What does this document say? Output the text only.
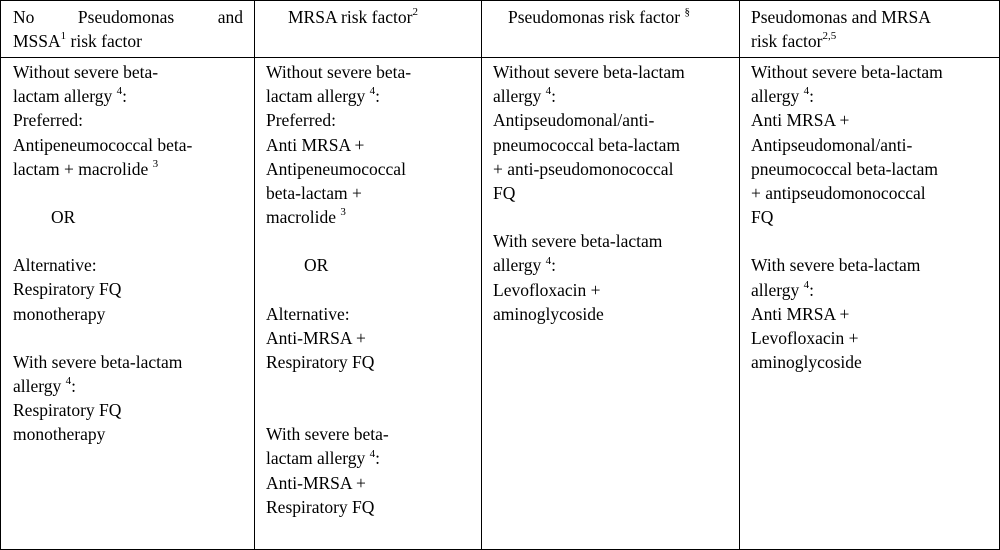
No Pseudomonas and
MSSA$^1$ risk factor
MRSA risk factor$^2$	Pseudomonas risk factor §	Pseudomonas and MRSA
risk factor$^{2,5}$
Without severe beta-
lactam allergy $^4$:
Preferred:
Antipeneumococcal beta-
lactam + macrolide $^3$
OR
Alternative:
Respiratory FQ
monotherapy
With severe beta-lactam
allergy $^4$:
Respiratory FQ
monotherapy
Without severe beta-
lactam allergy $^4$:
Preferred:
Anti MRSA +
Antipeneumococcal
beta-lactam +
macrolide $^3$
OR
Alternative:
Anti-MRSA +
Respiratory FQ
With severe beta-
lactam allergy $^4$:
Anti-MRSA +
Respiratory FQ
Without severe beta-lactam
allergy $^4$:
Antipseudomonal/anti-
pneumococcal beta-lactam
+ anti-pseudomonococcal
FQ
With severe beta-lactam
allergy $^4$:
Levofloxacin +
aminoglycoside
Without severe beta-lactam
allergy $^4$:
Anti MRSA +
Antipseudomonal/anti-
pneumococcal beta-lactam
+ antipseudomonococcal
FQ
With severe beta-lactam
allergy $^4$:
Anti MRSA +
Levofloxacin +
aminoglycoside
